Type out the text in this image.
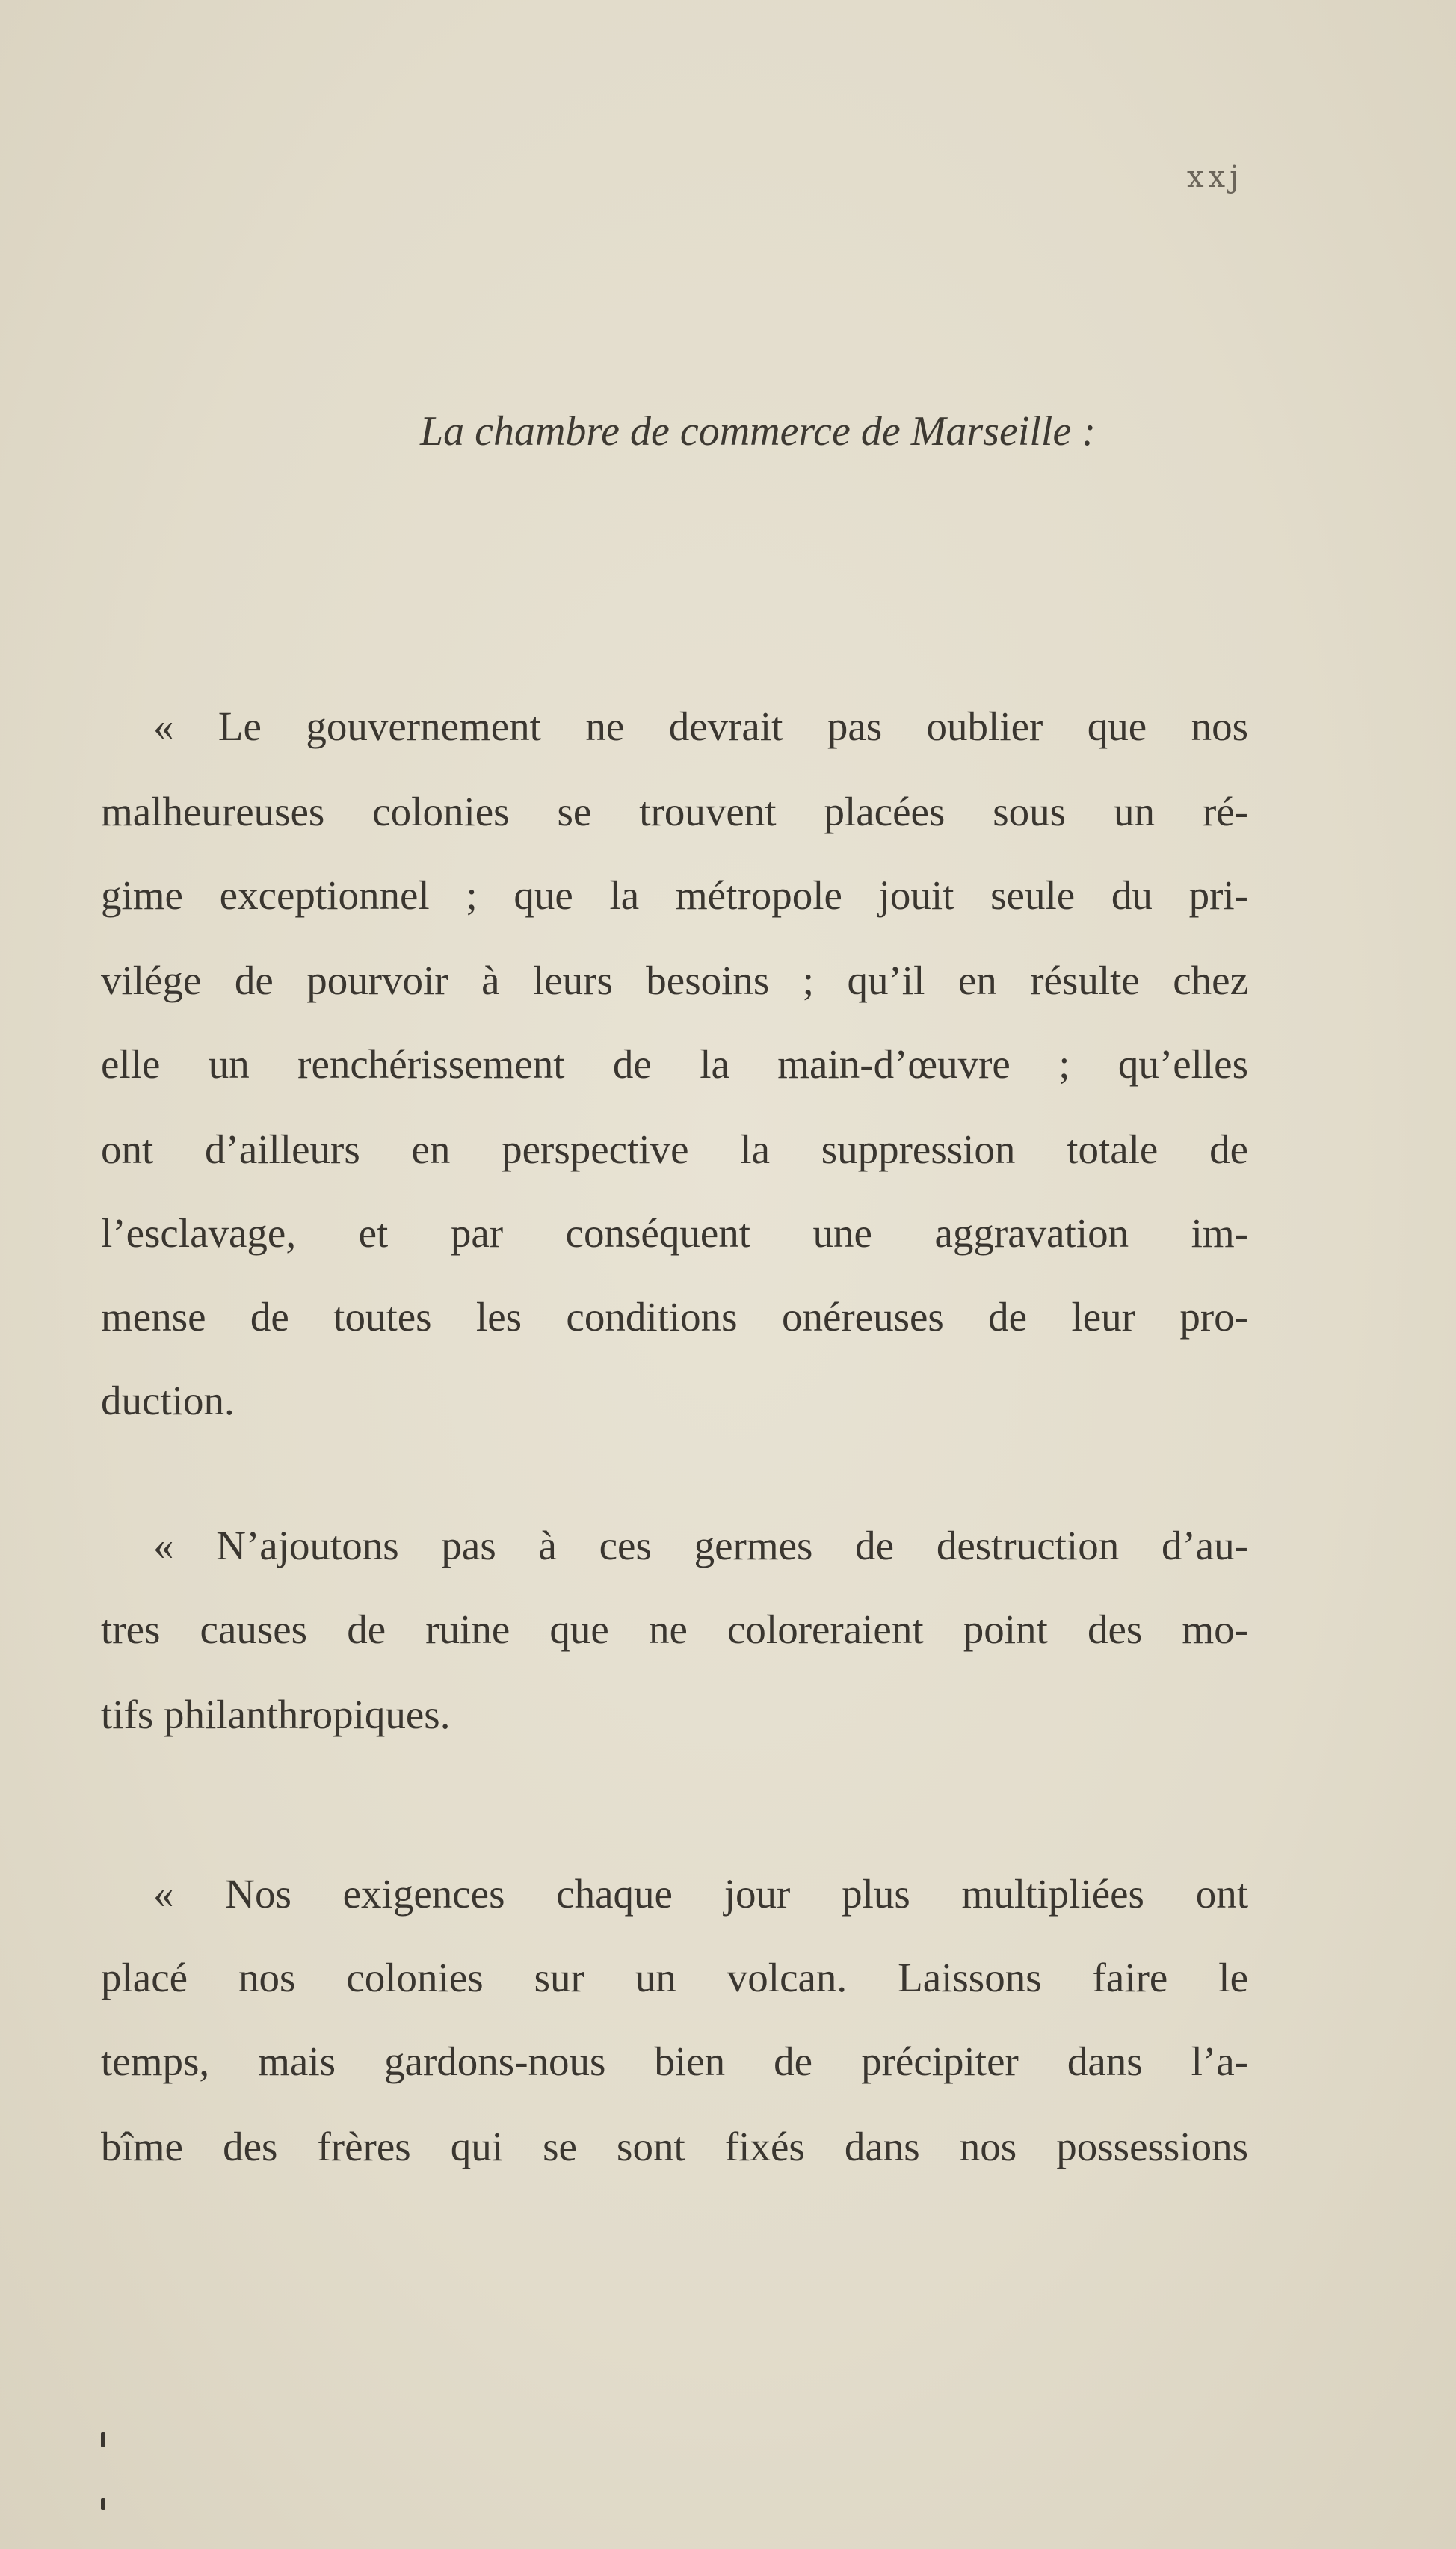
xxj
La chambre de commerce de Marseille :
« Le gouvernement ne devrait pas oublier que nos
malheureuses colonies se trouvent placées sous un ré-
gime exceptionnel ; que la métropole jouit seule du pri-
vilége de pourvoir à leurs besoins ; qu’il en résulte chez
elle un renchérissement de la main-d’œuvre ; qu’elles
ont d’ailleurs en perspective la suppression totale de
l’esclavage, et par conséquent une aggravation im-
mense de toutes les conditions onéreuses de leur pro-
duction.
« N’ajoutons pas à ces germes de destruction d’au-
tres causes de ruine que ne coloreraient point des mo-
tifs philanthropiques.
« Nos exigences chaque jour plus multipliées ont
placé nos colonies sur un volcan. Laissons faire le
temps, mais gardons-nous bien de précipiter dans l’a-
bîme des frères qui se sont fixés dans nos possessions
